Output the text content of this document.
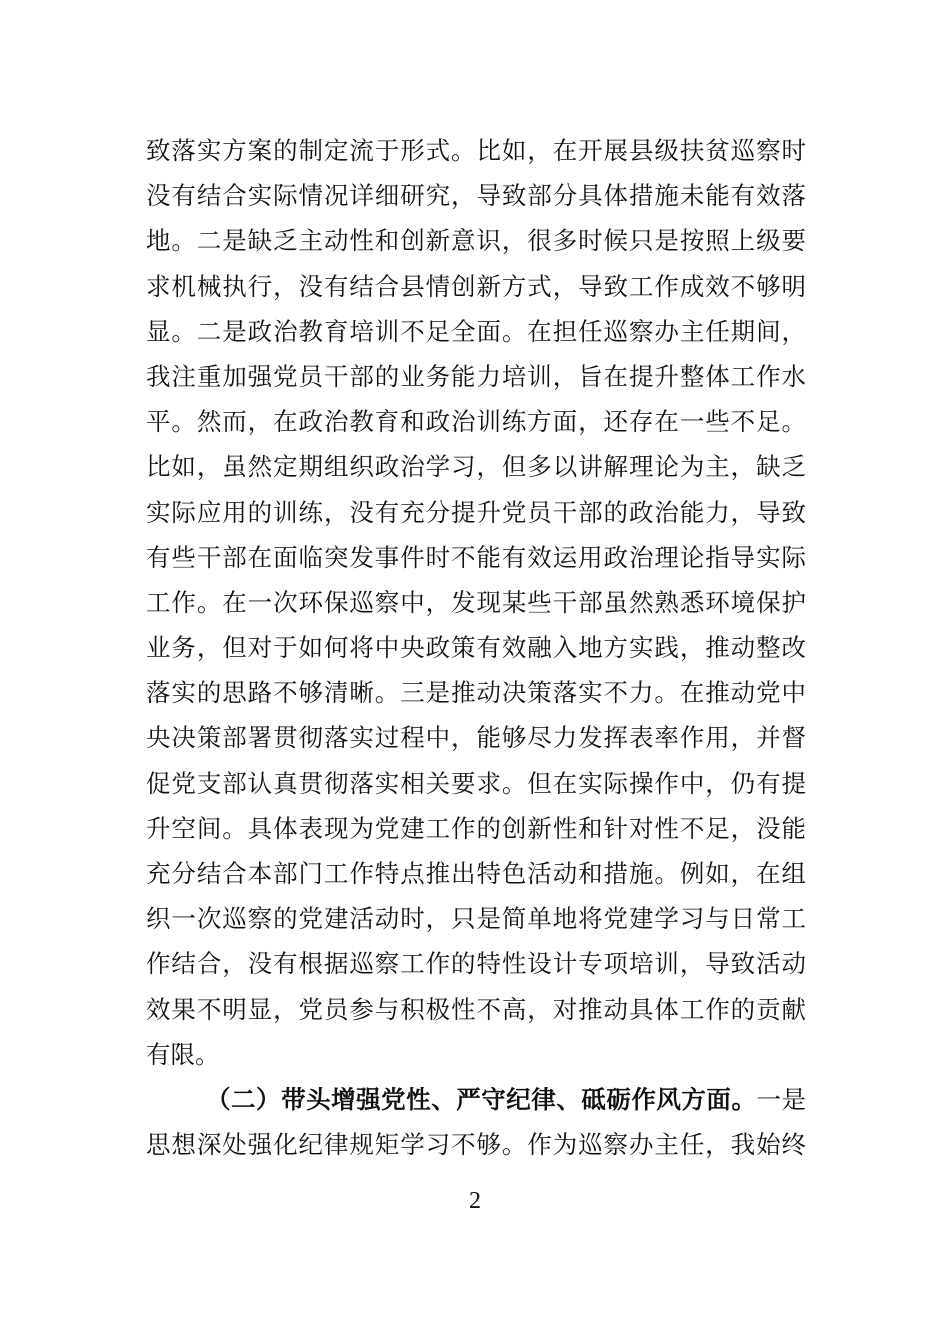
致落实方案的制定流于形式。比如，在开展县级扶贫巡察时
没有结合实际情况详细研究，导致部分具体措施未能有效落
地。二是缺乏主动性和创新意识，很多时候只是按照上级要
求机械执行，没有结合县情创新方式，导致工作成效不够明
显。二是政治教育培训不足全面。在担任巡察办主任期间，
我注重加强党员干部的业务能力培训，旨在提升整体工作水
平。然而，在政治教育和政治训练方面，还存在一些不足。
比如，虽然定期组织政治学习，但多以讲解理论为主，缺乏
实际应用的训练，没有充分提升党员干部的政治能力，导致
有些干部在面临突发事件时不能有效运用政治理论指导实际
工作。在一次环保巡察中，发现某些干部虽然熟悉环境保护
业务，但对于如何将中央政策有效融入地方实践，推动整改
落实的思路不够清晰。三是推动决策落实不力。在推动党中
央决策部署贯彻落实过程中，能够尽力发挥表率作用，并督
促党支部认真贯彻落实相关要求。但在实际操作中，仍有提
升空间。具体表现为党建工作的创新性和针对性不足，没能
充分结合本部门工作特点推出特色活动和措施。例如，在组
织一次巡察的党建活动时，只是简单地将党建学习与日常工
作结合，没有根据巡察工作的特性设计专项培训，导致活动
效果不明显，党员参与积极性不高，对推动具体工作的贡献
有限。
（二）带头增强党性、严守纪律、砥砺作风方面。一是
思想深处强化纪律规矩学习不够。作为巡察办主任，我始终
2
